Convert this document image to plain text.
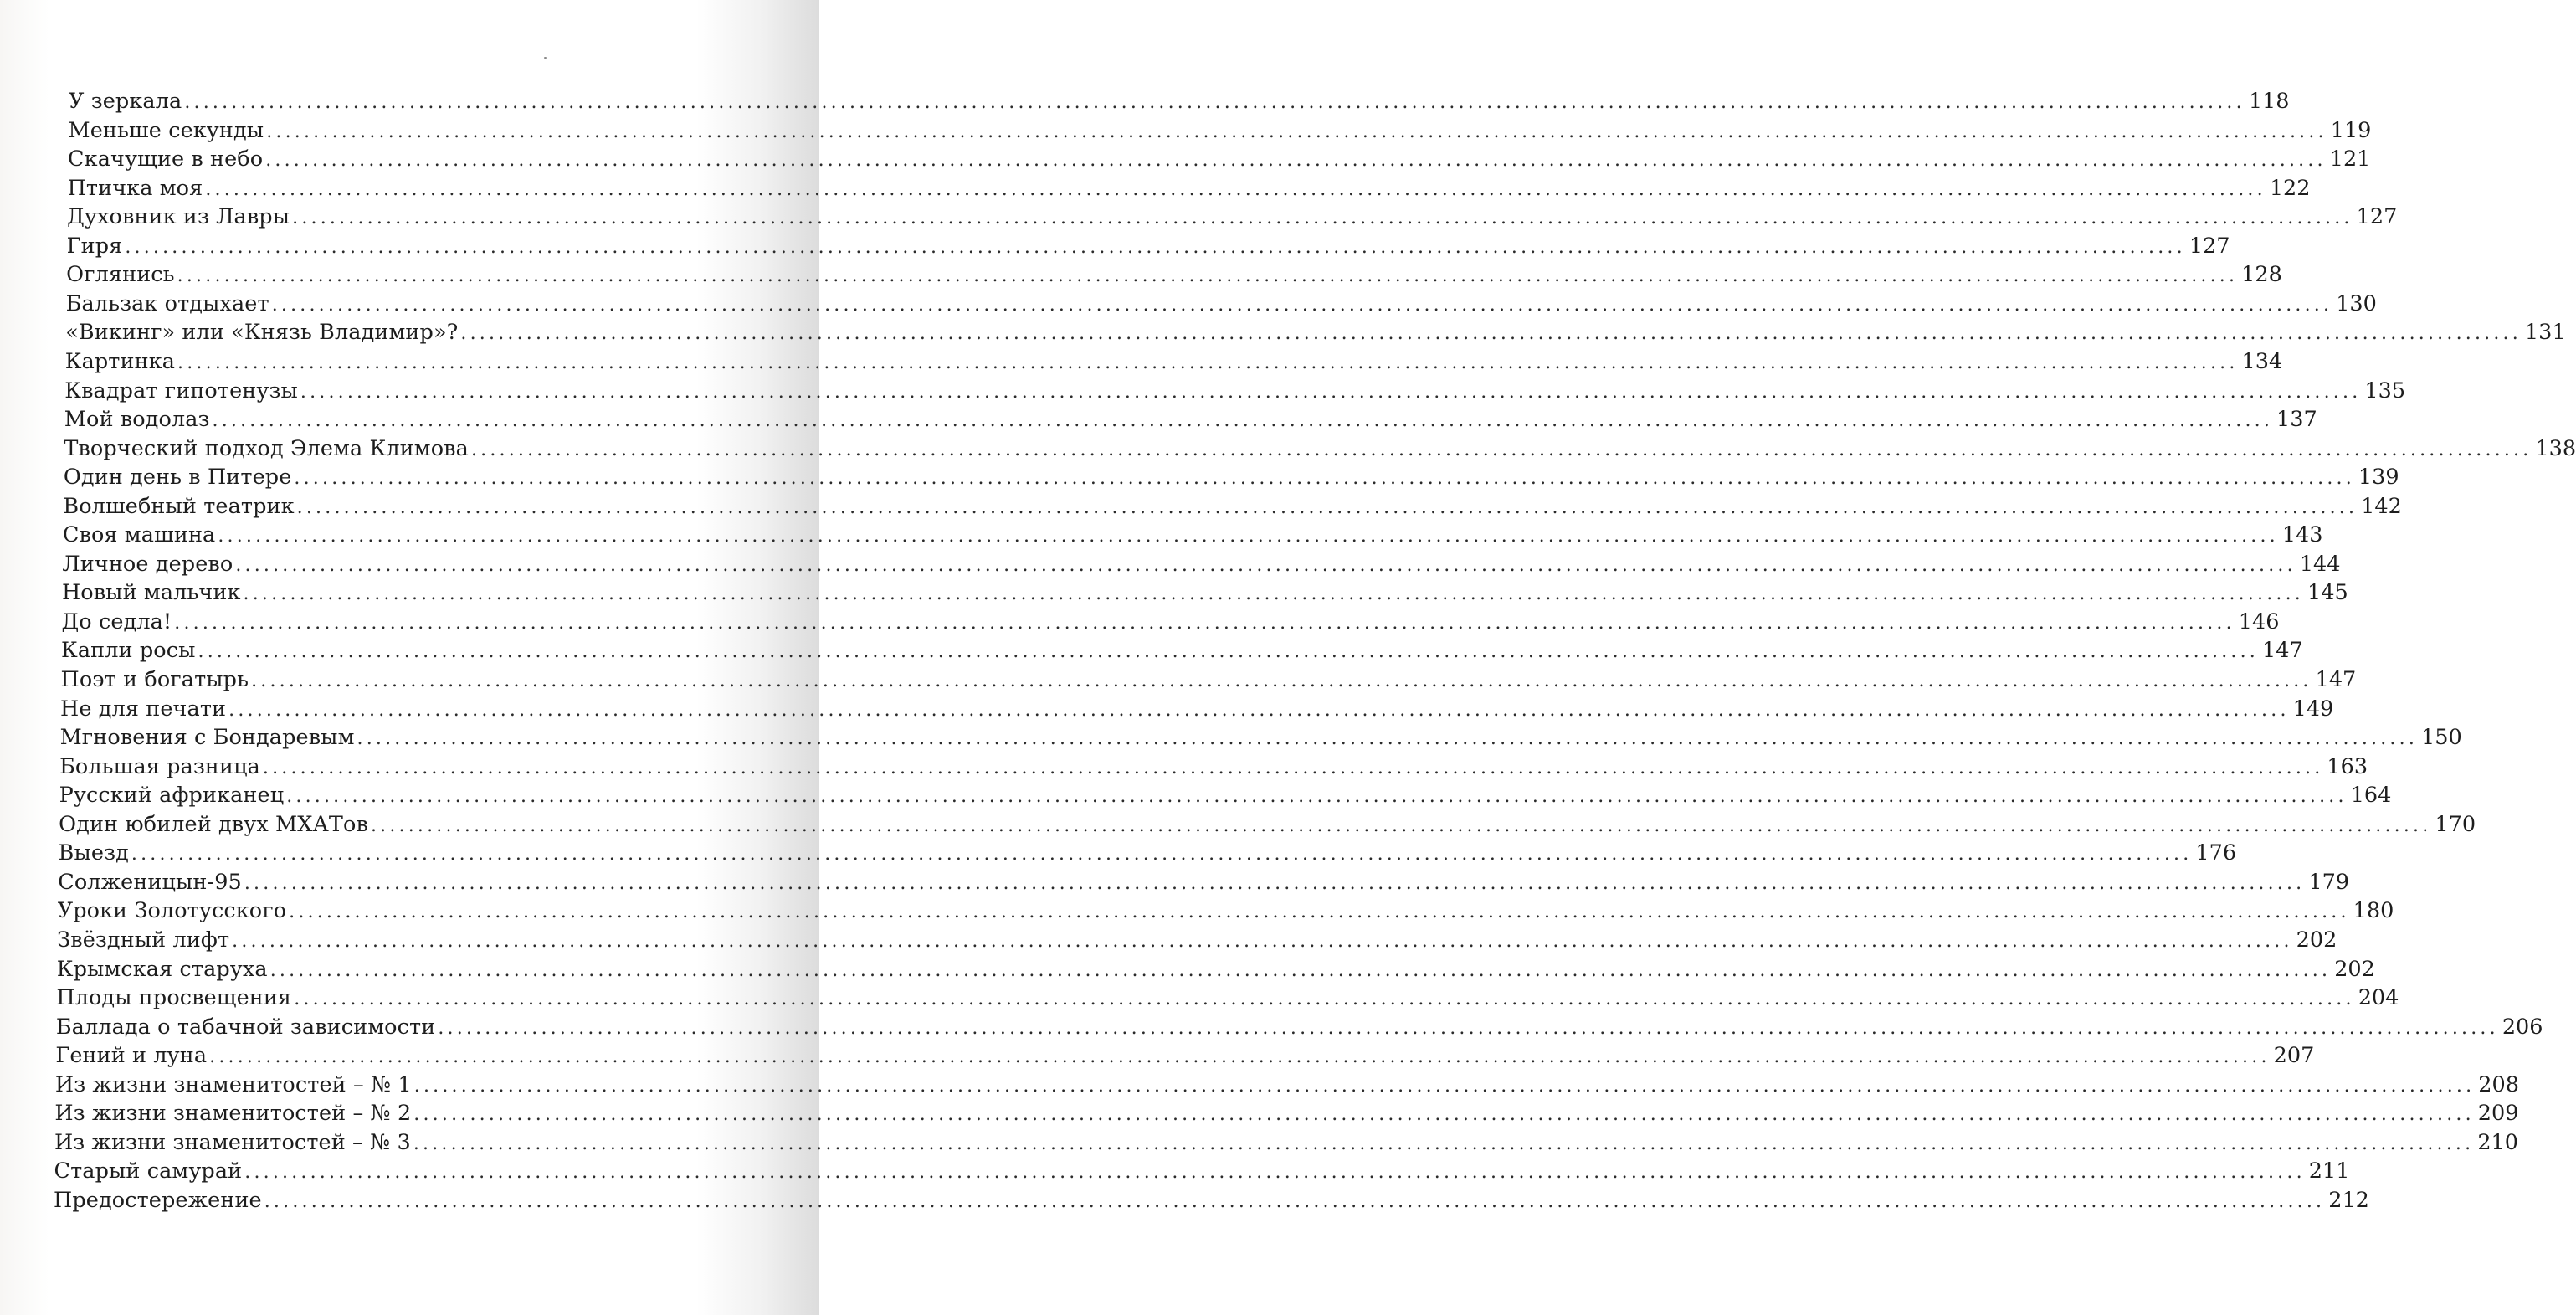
У зеркала ............................................................................................................................................................................................................................ 118
Меньше секунды ............................................................................................................................................................................................................................ 119
Скачущие в небо ............................................................................................................................................................................................................................ 121
Птичка моя ............................................................................................................................................................................................................................ 122
Духовник из Лавры ............................................................................................................................................................................................................................ 127
Гиря ............................................................................................................................................................................................................................ 127
Оглянись ............................................................................................................................................................................................................................ 128
Бальзак отдыхает ............................................................................................................................................................................................................................ 130
«Викинг» или «Князь Владимир»? ............................................................................................................................................................................................................................ 131
Картинка ............................................................................................................................................................................................................................ 134
Квадрат гипотенузы ............................................................................................................................................................................................................................ 135
Мой водолаз ............................................................................................................................................................................................................................ 137
Творческий подход Элема Климова ............................................................................................................................................................................................................................ 138
Один день в Питере ............................................................................................................................................................................................................................ 139
Волшебный театрик ............................................................................................................................................................................................................................ 142
Своя машина ............................................................................................................................................................................................................................ 143
Личное дерево ............................................................................................................................................................................................................................ 144
Новый мальчик ............................................................................................................................................................................................................................ 145
До седла! ............................................................................................................................................................................................................................ 146
Капли росы ............................................................................................................................................................................................................................ 147
Поэт и богатырь ............................................................................................................................................................................................................................ 147
Не для печати ............................................................................................................................................................................................................................ 149
Мгновения с Бондаревым ............................................................................................................................................................................................................................ 150
Большая разница ............................................................................................................................................................................................................................ 163
Русский африканец ............................................................................................................................................................................................................................ 164
Один юбилей двух МХАТов ............................................................................................................................................................................................................................ 170
Выезд ............................................................................................................................................................................................................................ 176
Солженицын-95 ............................................................................................................................................................................................................................ 179
Уроки Золотусского ............................................................................................................................................................................................................................ 180
Звёздный лифт ............................................................................................................................................................................................................................ 202
Крымская старуха ............................................................................................................................................................................................................................ 202
Плоды просвещения ............................................................................................................................................................................................................................ 204
Баллада о табачной зависимости ............................................................................................................................................................................................................................ 206
Гений и луна ............................................................................................................................................................................................................................ 207
Из жизни знаменитостей – № 1 ............................................................................................................................................................................................................................ 208
Из жизни знаменитостей – № 2 ............................................................................................................................................................................................................................ 209
Из жизни знаменитостей – № 3 ............................................................................................................................................................................................................................ 210
Старый самурай ............................................................................................................................................................................................................................ 211
Предостережение ............................................................................................................................................................................................................................ 212
